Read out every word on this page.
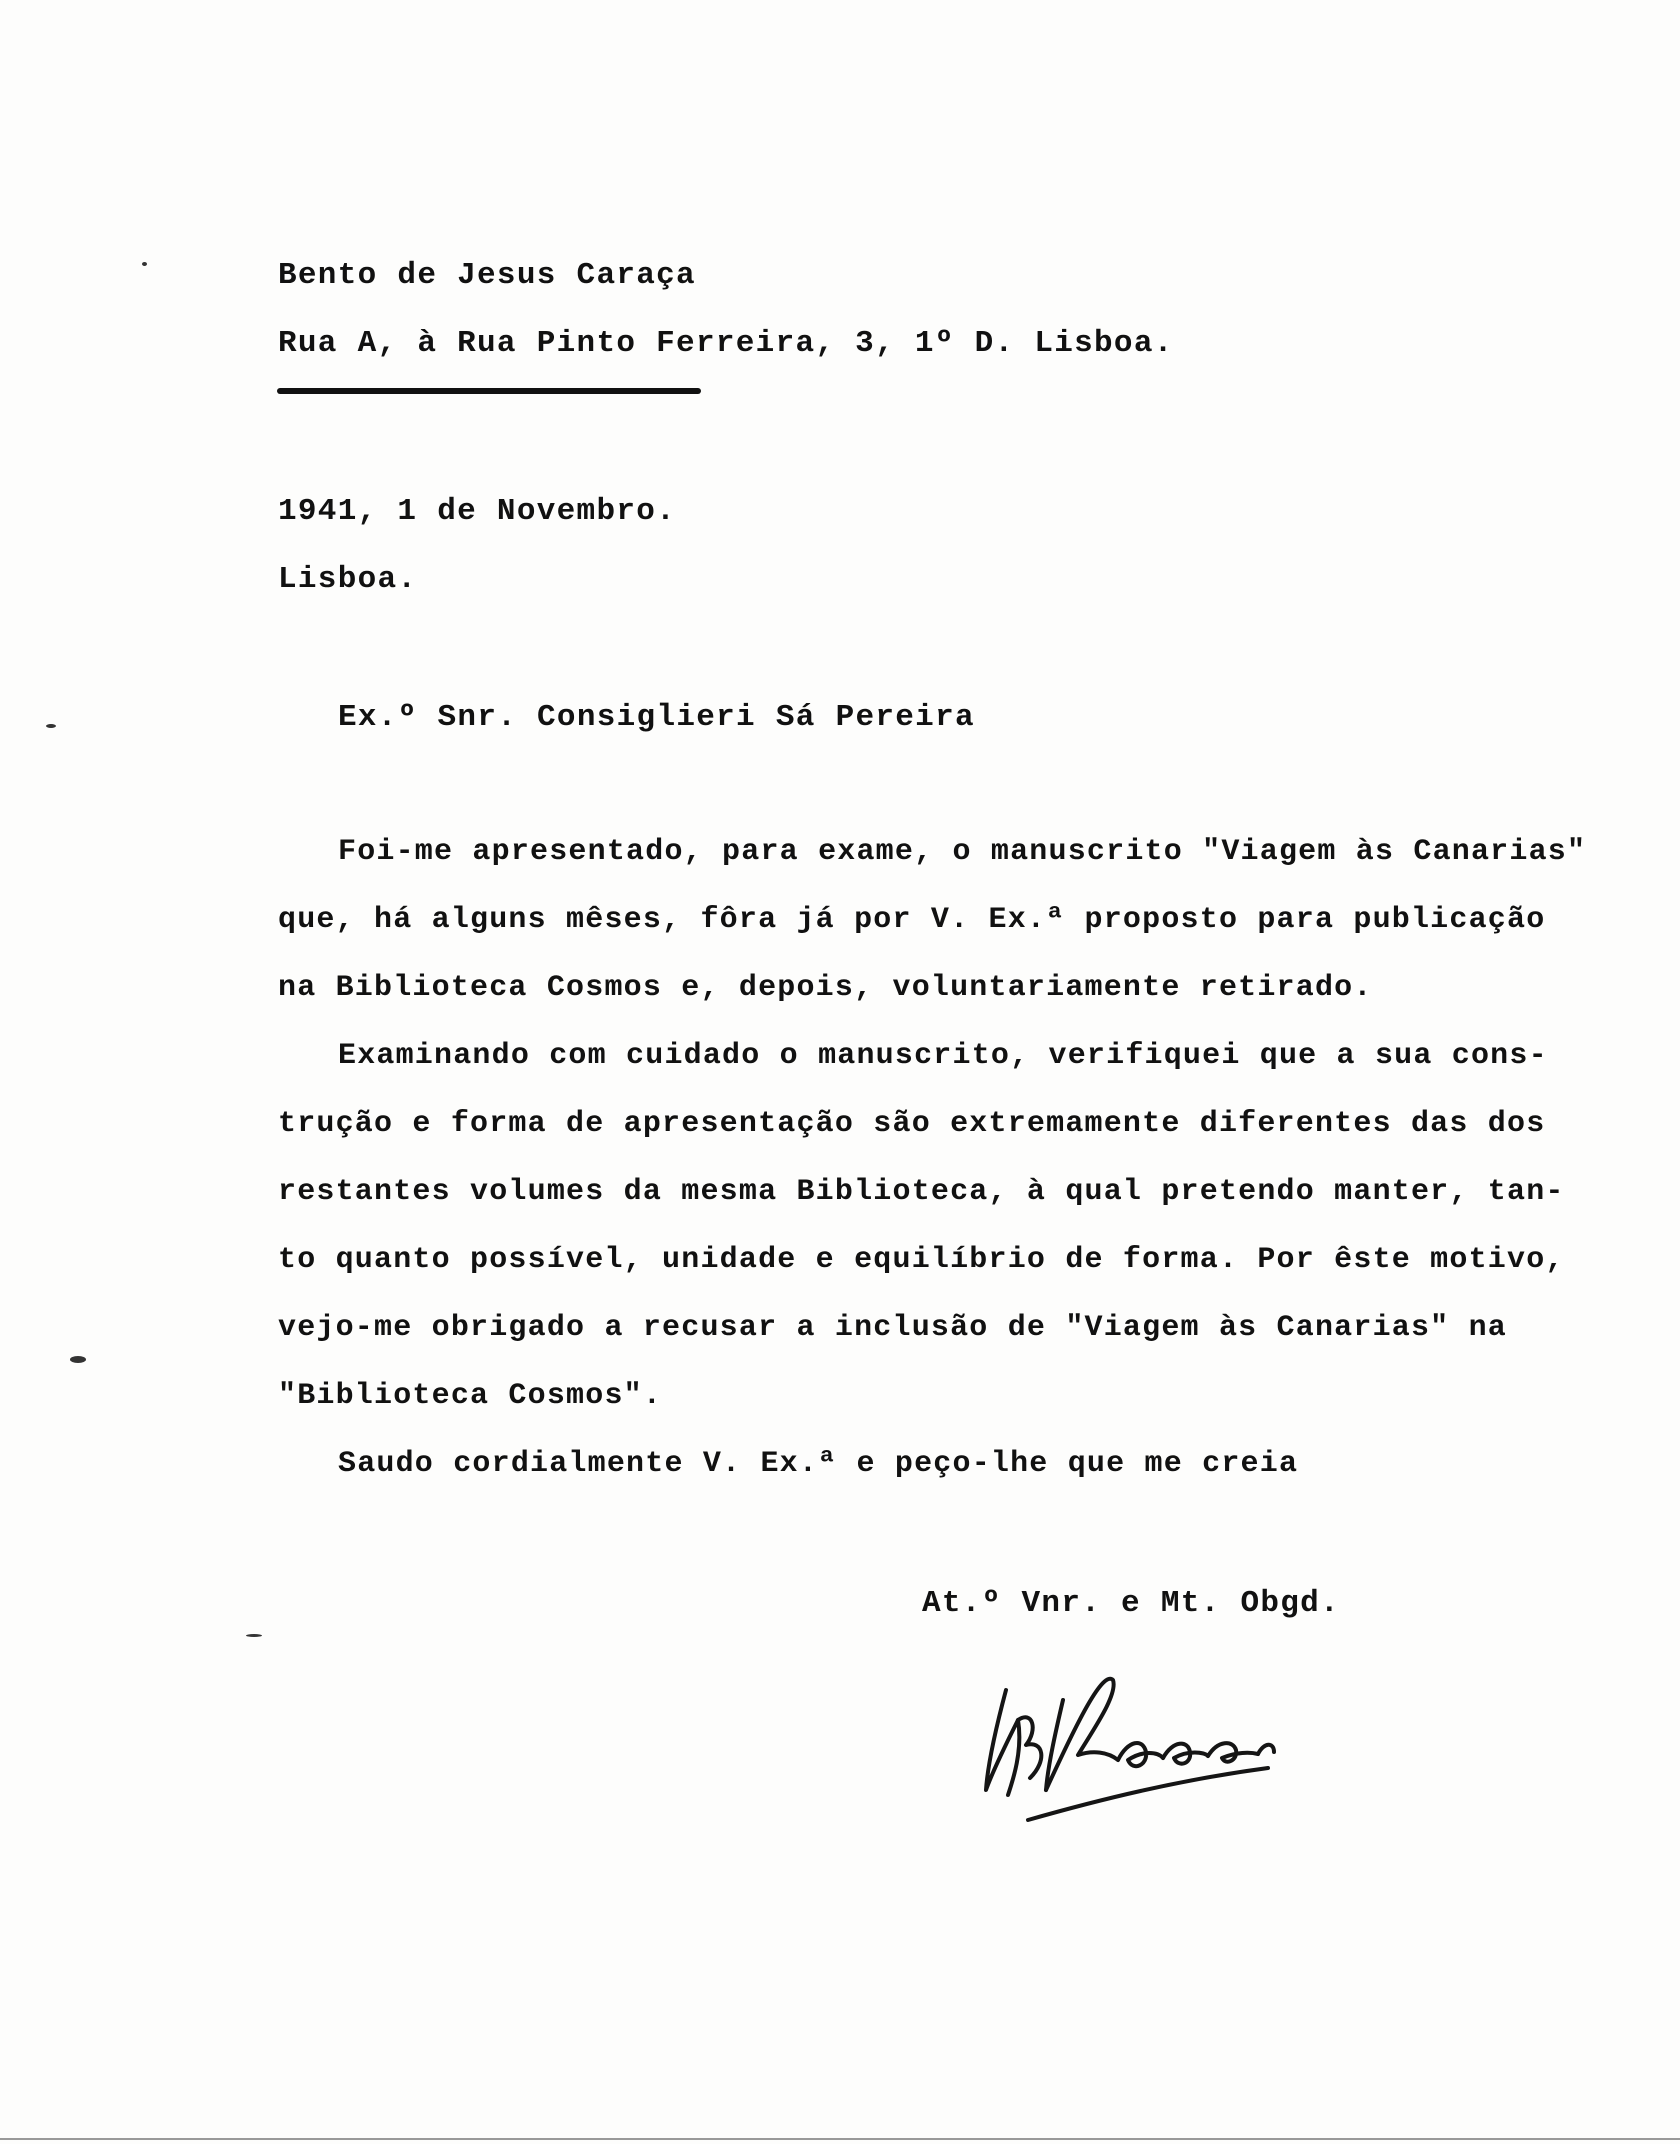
Bento de Jesus Caraça
Rua A, à Rua Pinto Ferreira, 3, 1º D. Lisboa.
1941, 1 de Novembro.
Lisboa.
Ex.º Snr. Consiglieri Sá Pereira
Foi-me apresentado, para exame, o manuscrito "Viagem às Canarias"
que, há alguns mêses, fôra já por V. Ex.ª proposto para publicação
na Biblioteca Cosmos e, depois, voluntariamente retirado.
Examinando com cuidado o manuscrito, verifiquei que a sua cons-
trução e forma de apresentação são extremamente diferentes das dos
restantes volumes da mesma Biblioteca, à qual pretendo manter, tan-
to quanto possível, unidade e equilíbrio de forma. Por êste motivo,
vejo-me obrigado a recusar a inclusão de "Viagem às Canarias" na
"Biblioteca Cosmos".
Saudo cordialmente V. Ex.ª e peço-lhe que me creia
At.º Vnr. e Mt. Obgd.
